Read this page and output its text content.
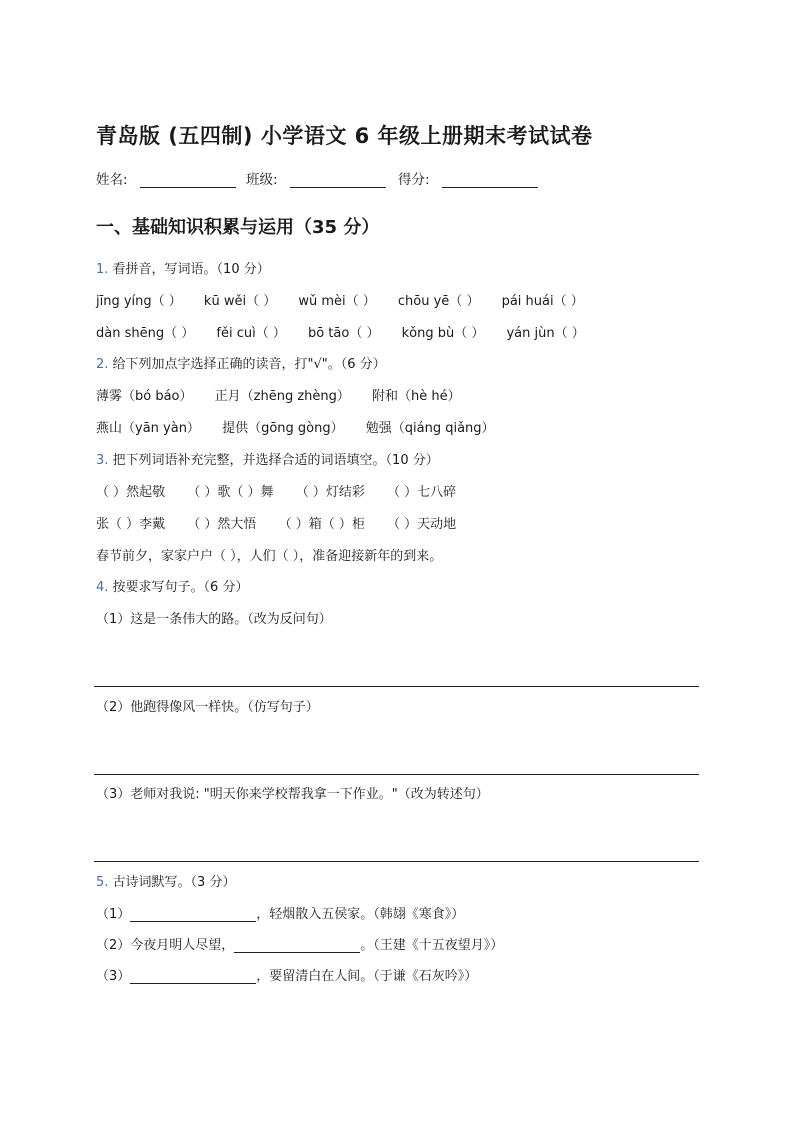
青岛版 (五四制) 小学语文 6 年级上册期末考试试卷
姓名:	班级:	得分:
一、基础知识积累与运用（35 分）
1. 看拼音，写词语。（10 分）
jīng yíng（ ） kū wěi（ ） wǔ mèi（ ） chōu yē（ ） pái huái（ ）
dàn shēng（ ） fěi cuì（ ） bō tāo（ ） kǒng bù（ ） yán jùn（ ）
2. 给下列加点字选择正确的读音，打"√"。（6 分）
薄雾（bó báo） 正月（zhēng zhèng） 附和（hè hé）
燕山（yān yàn） 提供（gōng gòng） 勉强（qiáng qiǎng）
3. 把下列词语补充完整，并选择合适的词语填空。（10 分）
（ ）然起敬 （ ）歌（ ）舞 （ ）灯结彩 （ ）七八碎
张（ ）李戴 （ ）然大悟 （ ）箱（ ）柜 （ ）天动地
春节前夕，家家户户（ ），人们（ ），准备迎接新年的到来。
4. 按要求写句子。（6 分）
（1）这是一条伟大的路。（改为反问句）
（2）他跑得像风一样快。（仿写句子）
（3）老师对我说: "明天你来学校帮我拿一下作业。"（改为转述句）
5. 古诗词默写。（3 分）
（1）	，轻烟散入五侯家。（韩翃《寒食》）
（2）今夜月明人尽望，	。（王建《十五夜望月》）
（3）	，要留清白在人间。（于谦《石灰吟》）
